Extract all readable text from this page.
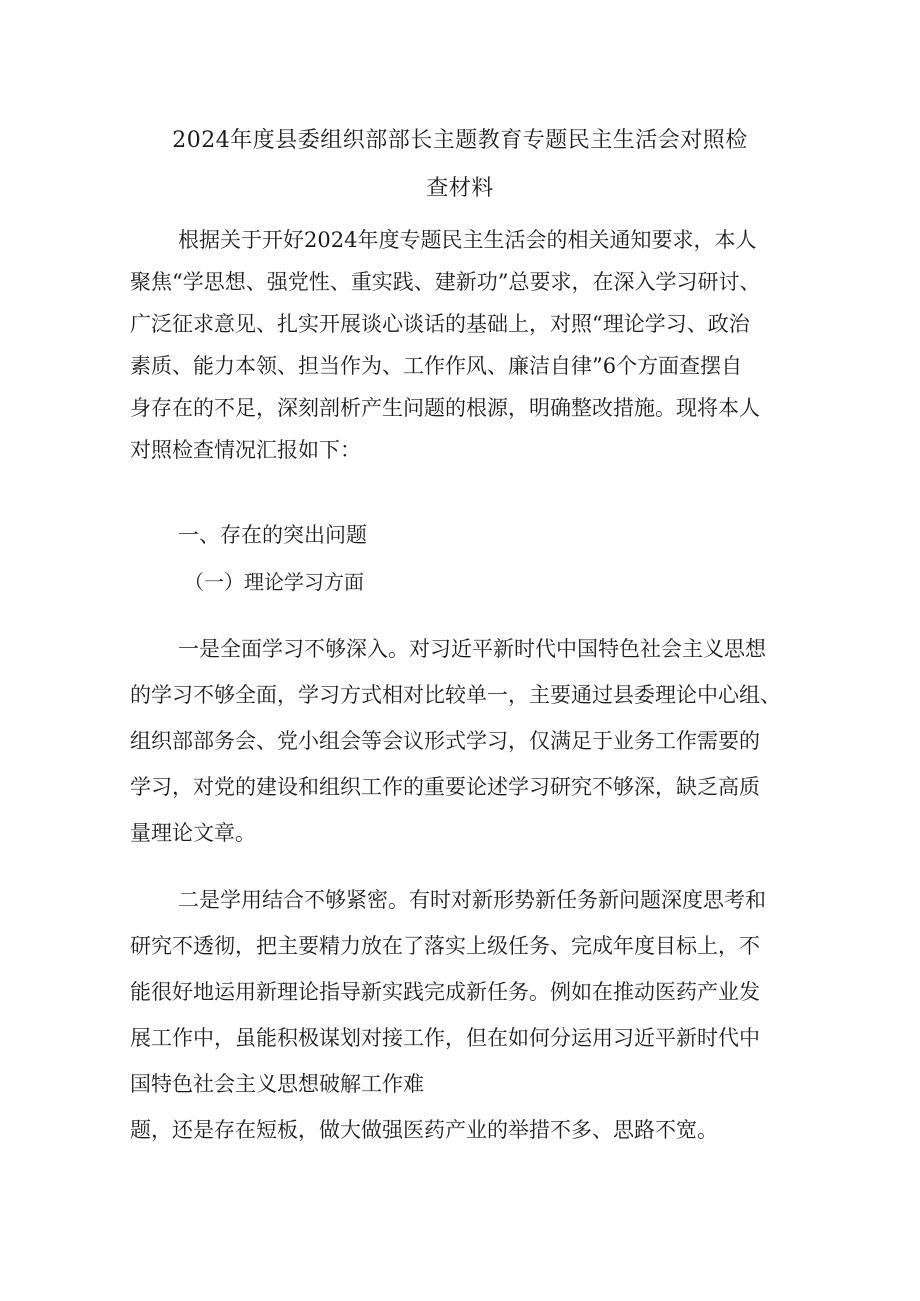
2024年度县委组织部部长主题教育专题民主生活会对照检
查材料

根据关于开好2024年度专题民主生活会的相关通知要求，本人
聚焦“学思想、强党性、重实践、建新功”总要求，在深入学习研讨、
广泛征求意见、扎实开展谈心谈话的基础上，对照“理论学习、政治
素质、能力本领、担当作为、工作作风、廉洁自律”6个方面查摆自
身存在的不足，深刻剖析产生问题的根源，明确整改措施。现将本人
对照检查情况汇报如下：

一、存在的突出问题
（一）理论学习方面

一是全面学习不够深入。对习近平新时代中国特色社会主义思想
的学习不够全面，学习方式相对比较单一，主要通过县委理论中心组、
组织部部务会、党小组会等会议形式学习，仅满足于业务工作需要的
学习，对党的建设和组织工作的重要论述学习研究不够深，缺乏高质
量理论文章。

二是学用结合不够紧密。有时对新形势新任务新问题深度思考和
研究不透彻，把主要精力放在了落实上级任务、完成年度目标上，不
能很好地运用新理论指导新实践完成新任务。例如在推动医药产业发
展工作中，虽能积极谋划对接工作，但在如何分运用习近平新时代中
国特色社会主义思想破解工作难
题，还是存在短板，做大做强医药产业的举措不多、思路不宽。
